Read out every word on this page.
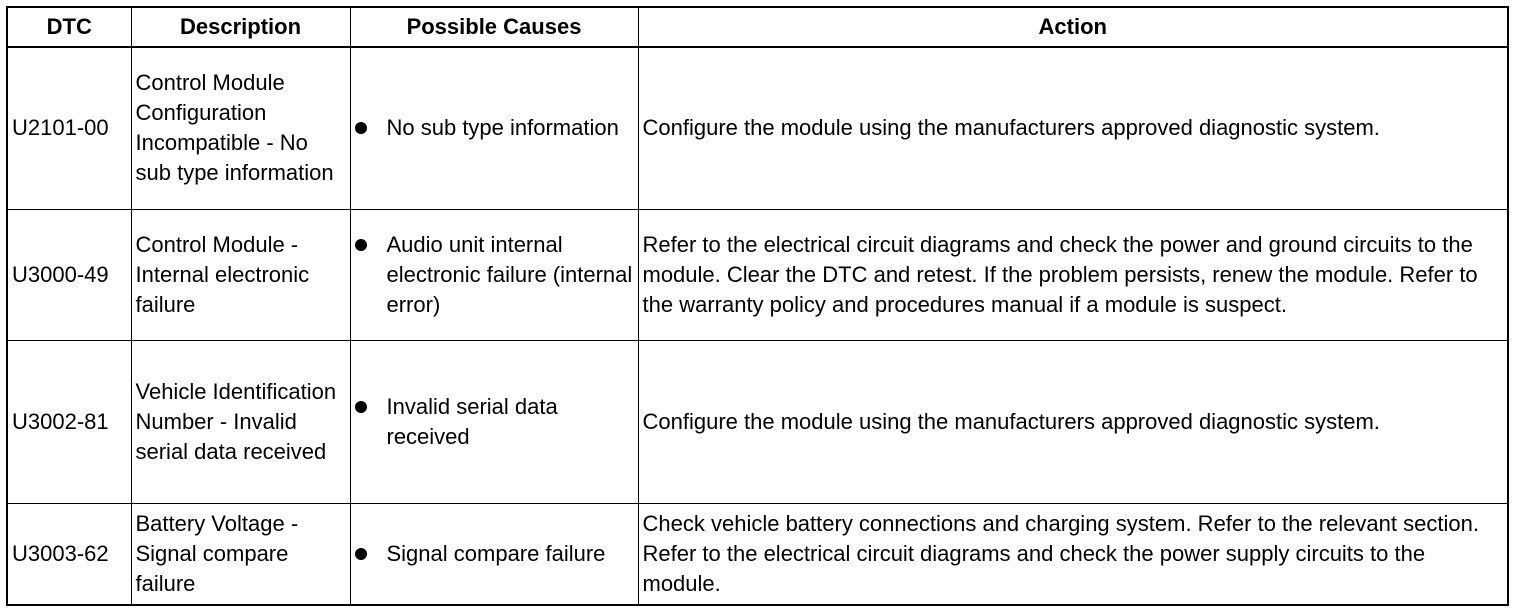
DTC	Description	Possible Causes	Action
U2101-00	Control Module Configuration Incompatible - No sub type information	No sub type information	Configure the module using the manufacturers approved diagnostic system.
U3000-49	Control Module - Internal electronic failure	Audio unit internal electronic failure (internal error)	Refer to the electrical circuit diagrams and check the power and ground circuits to the module. Clear the DTC and retest. If the problem persists, renew the module. Refer to the warranty policy and procedures manual if a module is suspect.
U3002-81	Vehicle Identification Number - Invalid serial data received	Invalid serial data received	Configure the module using the manufacturers approved diagnostic system.
U3003-62	Battery Voltage - Signal compare failure	Signal compare failure	Check vehicle battery connections and charging system. Refer to the relevant section. Refer to the electrical circuit diagrams and check the power supply circuits to the module.
